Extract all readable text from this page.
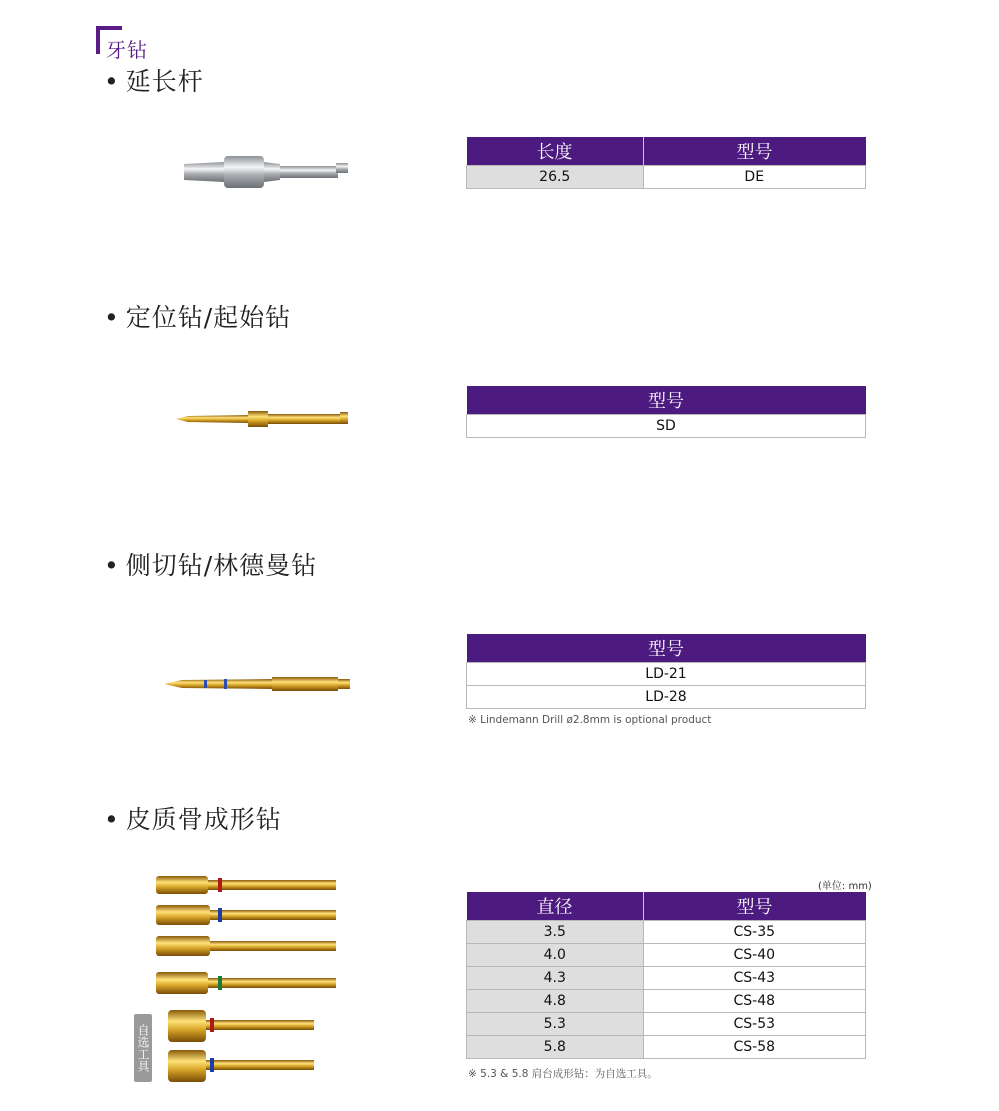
牙钻
• 延长杆
长度	型号
26.5	DE
• 定位钻/起始钻
型号
SD
• 侧切钻/林德曼钻
型号
LD-21
LD-28
※ Lindemann Drill ø2.8mm is optional product
• 皮质骨成形钻
自选工具
(单位: mm)
直径	型号
3.5	CS-35
4.0	CS-40
4.3	CS-43
4.8	CS-48
5.3	CS-53
5.8	CS-58
※ 5.3 & 5.8 肩台成形钻：为自选工具。
